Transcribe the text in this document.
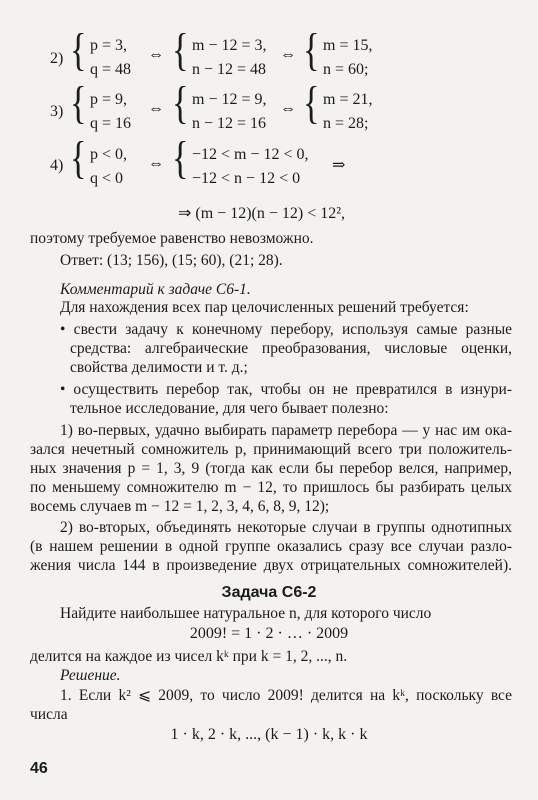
2) { p = 3,
q = 48
⇔ { m − 12 = 3,
n − 12 = 48
⇔ { m = 15,
n = 60;
3) { p = 9,
q = 16
⇔ { m − 12 = 9,
n − 12 = 16
⇔ { m = 21,
n = 28;
4) { p < 0,
q < 0
⇔ { −12 < m − 12 < 0,
−12 < n − 12 < 0
⇒
⇒ (m − 12)(n − 12) < 12²,
поэтому требуемое равенство невозможно.
Ответ: (13; 156), (15; 60), (21; 28).
Комментарий к задаче С6-1.
Для нахождения всех пар целочисленных решений требуется:
• свести задачу к конечному перебору, используя самые разные
средства: алгебраические преобразования, числовые оценки,
свойства делимости и т. д.;
• осуществить перебор так, чтобы он не превратился в изнури-
тельное исследование, для чего бывает полезно:
1) во-первых, удачно выбирать параметр перебора — у нас им ока-
зался нечетный сомножитель p, принимающий всего три положитель-
ных значения p = 1, 3, 9 (тогда как если бы перебор велся, например,
по меньшему сомножителю m − 12, то пришлось бы разбирать целых
восемь случаев m − 12 = 1, 2, 3, 4, 6, 8, 9, 12);
2) во-вторых, объединять некоторые случаи в группы однотипных
(в нашем решении в одной группе оказались сразу все случаи разло-
жения числа 144 в произведение двух отрицательных сомножителей).
Задача С6-2
Найдите наибольшее натуральное n, для которого число
2009! = 1 · 2 · … · 2009
делится на каждое из чисел kᵏ при k = 1, 2, ..., n.
Решение.
1. Если k² ⩽ 2009, то число 2009! делится на kᵏ, поскольку все
числа
1 · k, 2 · k, ..., (k − 1) · k, k · k
46
